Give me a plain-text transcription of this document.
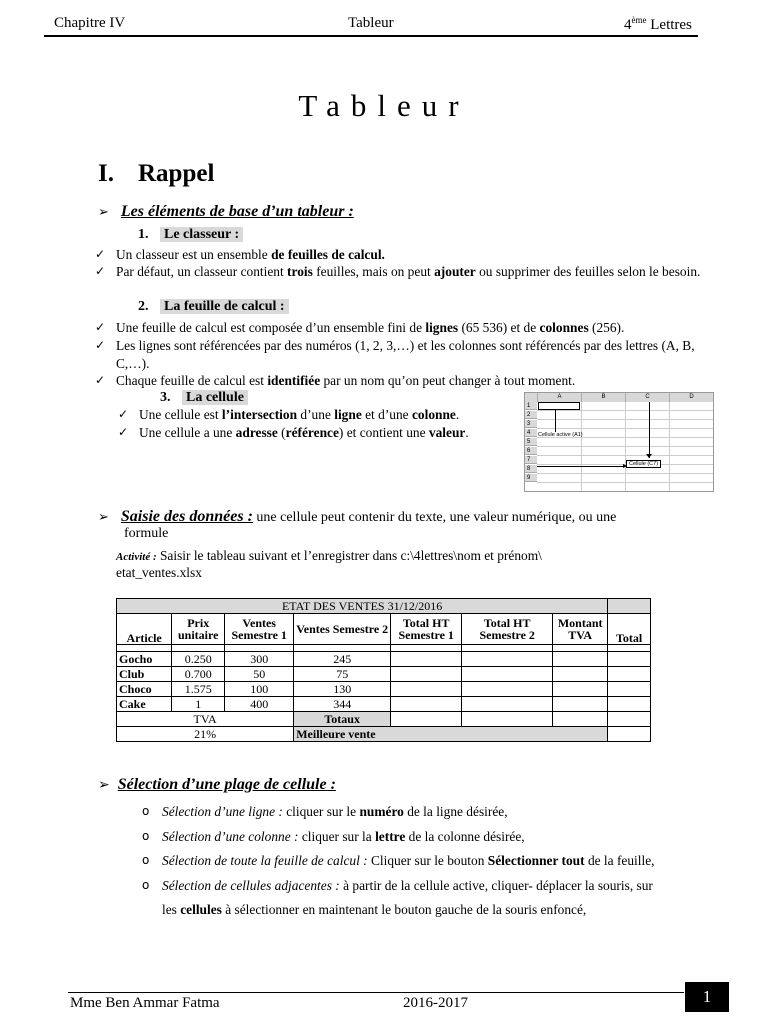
Chapitre IV	Tableur	4ème Lettres
Tableur
I. Rappel
➢ Les éléments de base d’un tableur :
1. Le classeur :
✓ Un classeur est un ensemble de feuilles de calcul.
✓ Par défaut, un classeur contient trois feuilles, mais on peut ajouter ou supprimer des feuilles selon le besoin.
2. La feuille de calcul :
✓ Une feuille de calcul est composée d’un ensemble fini de lignes (65 536) et de colonnes (256).
✓ Les lignes sont référencées par des numéros (1, 2, 3,…) et les colonnes sont référencés par des lettres (A, B, C,…).
✓ Chaque feuille de calcul est identifiée par un nom qu’on peut changer à tout moment.
3. La cellule
✓ Une cellule est l’intersection d’une ligne et d’une colonne.
✓ Une cellule a une adresse (référence) et contient une valeur.
A	B	C	D
1
2
3
4
5
6
7
8
9
Cellule active (A1)
Cellule (C7)
➢ Saisie des données : une cellule peut contenir du texte, une valeur numérique, ou une
formule
Activité : Saisir le tableau suivant et l’enregistrer dans c:\4lettres\nom et prénom\
etat_ventes.xlsx
ETAT DES VENTES 31/12/2016							
Article	Prix unitaire	Ventes Semestre 1	Ventes Semestre 2	Total HT Semestre 1	Total HT Semestre 2	Montant TVA	Total

Gocho	0.250	300	245				
Club	0.700	50	75				
Choco	1.575	100	130				
Cake	1	400	344				
TVA			Totaux				
21%			Meilleure vente				
➢ Sélection d’une plage de cellule :
o Sélection d’une ligne : cliquer sur le numéro de la ligne désirée,
o Sélection d’une colonne : cliquer sur la lettre de la colonne désirée,
o Sélection de toute la feuille de calcul : Cliquer sur le bouton Sélectionner tout de la feuille,
o Sélection de cellules adjacentes : à partir de la cellule active, cliquer- déplacer la souris, sur
les cellules à sélectionner en maintenant le bouton gauche de la souris enfoncé,
Mme Ben Ammar Fatma	2016-2017	1
